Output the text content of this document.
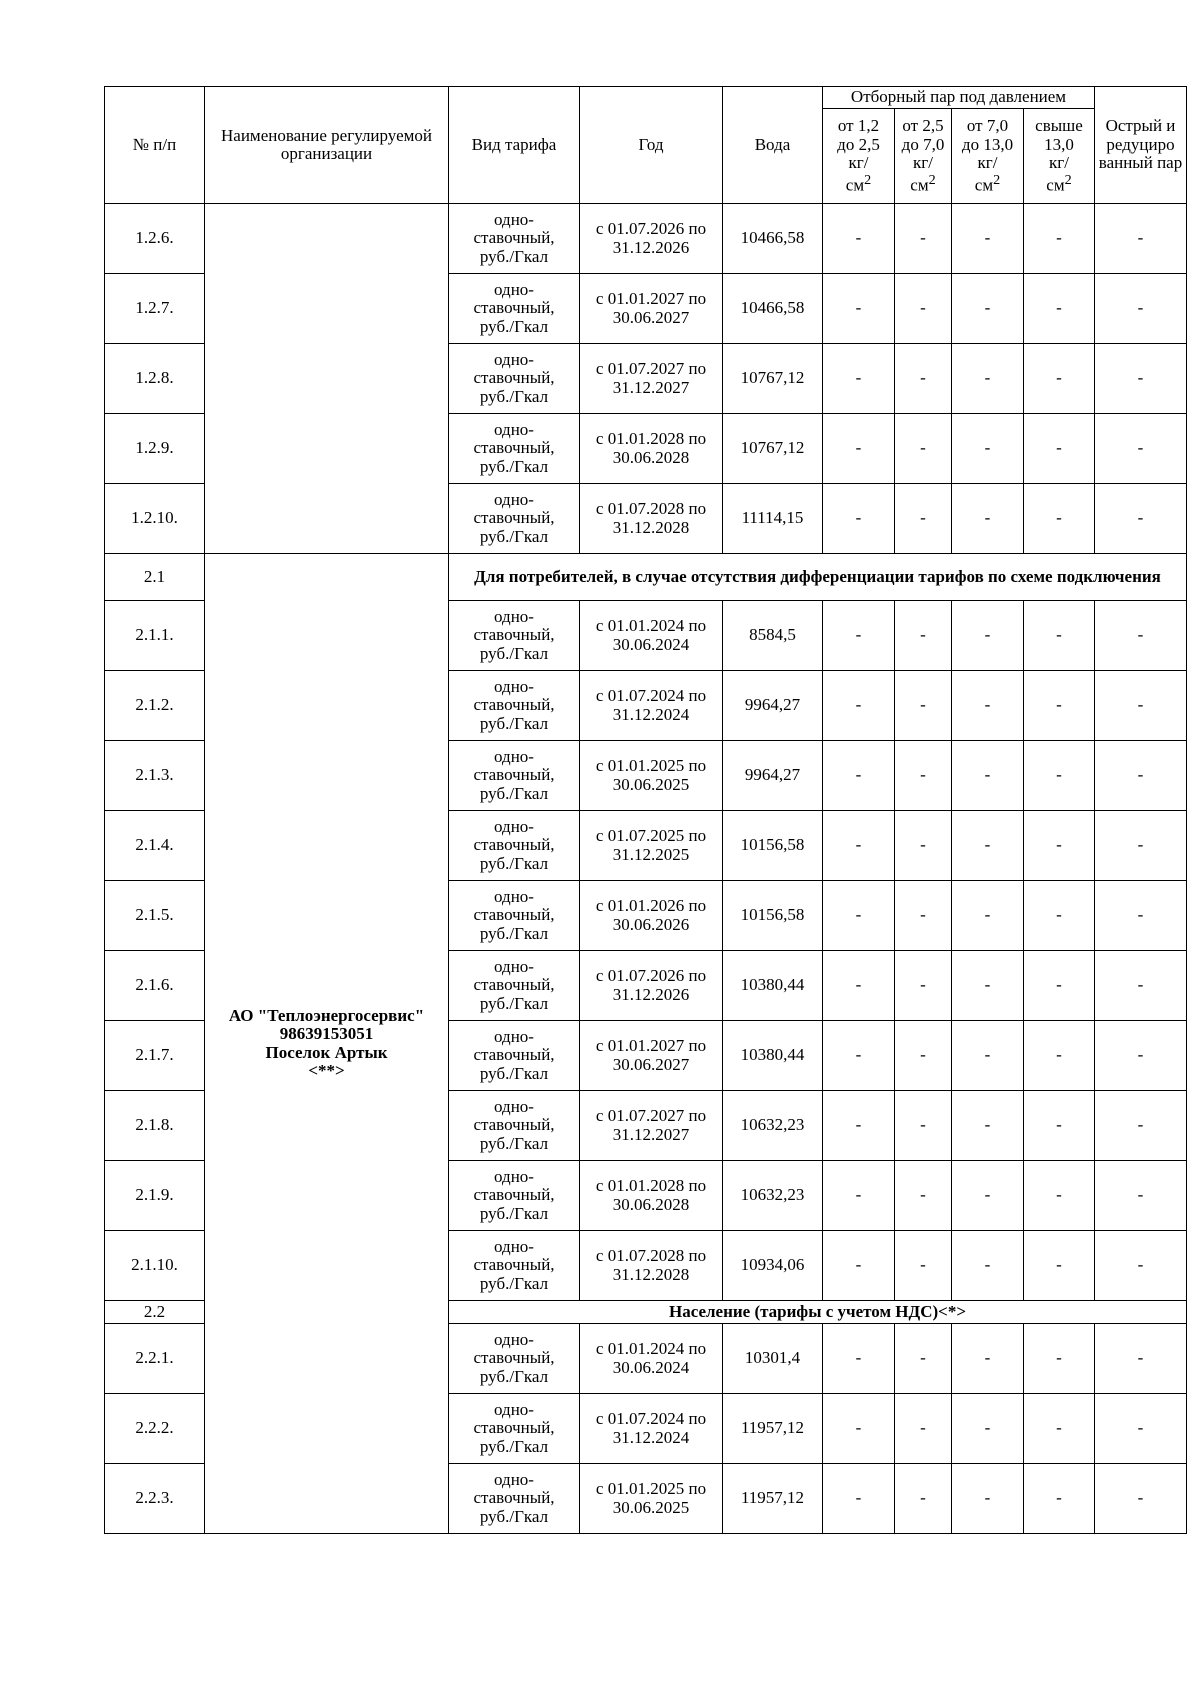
№ п/п	Наименование регулируемой организации	Вид тарифа	Год	Вода	Отборный пар под давлением				Острый и редуциро ванный пар
					от 1,2
до 2,5
кг/
$см^2$	от 2,5
до 7,0
кг/
$см^2$	от 7,0
до 13,0
кг/
$см^2$	свыше
13,0
кг/
$см^2$
1.2.6.		одно-
ставочный,
руб./Гкал	с 01.07.2026 по
31.12.2026	10466,58	-	-	-	-	-
1.2.7.		одно-
ставочный,
руб./Гкал	с 01.01.2027 по
30.06.2027	10466,58	-	-	-	-	-
1.2.8.		одно-
ставочный,
руб./Гкал	с 01.07.2027 по
31.12.2027	10767,12	-	-	-	-	-
1.2.9.		одно-
ставочный,
руб./Гкал	с 01.01.2028 по
30.06.2028	10767,12	-	-	-	-	-
1.2.10.		одно-
ставочный,
руб./Гкал	с 01.07.2028 по
31.12.2028	11114,15	-	-	-	-	-
2.1	АО "Теплоэнергосервис"
98639153051
Поселок Артык
<**>	Для потребителей, в случае отсутствия дифференциации тарифов по схеме подключения							
2.1.1.		одно-
ставочный,
руб./Гкал	с 01.01.2024 по
30.06.2024	8584,5	-	-	-	-	-
2.1.2.		одно-
ставочный,
руб./Гкал	с 01.07.2024 по
31.12.2024	9964,27	-	-	-	-	-
2.1.3.		одно-
ставочный,
руб./Гкал	с 01.01.2025 по
30.06.2025	9964,27	-	-	-	-	-
2.1.4.		одно-
ставочный,
руб./Гкал	с 01.07.2025 по
31.12.2025	10156,58	-	-	-	-	-
2.1.5.		одно-
ставочный,
руб./Гкал	с 01.01.2026 по
30.06.2026	10156,58	-	-	-	-	-
2.1.6.		одно-
ставочный,
руб./Гкал	с 01.07.2026 по
31.12.2026	10380,44	-	-	-	-	-
2.1.7.		одно-
ставочный,
руб./Гкал	с 01.01.2027 по
30.06.2027	10380,44	-	-	-	-	-
2.1.8.		одно-
ставочный,
руб./Гкал	с 01.07.2027 по
31.12.2027	10632,23	-	-	-	-	-
2.1.9.		одно-
ставочный,
руб./Гкал	с 01.01.2028 по
30.06.2028	10632,23	-	-	-	-	-
2.1.10.		одно-
ставочный,
руб./Гкал	с 01.07.2028 по
31.12.2028	10934,06	-	-	-	-	-
2.2		Население (тарифы с учетом НДС)<*>							
2.2.1.		одно-
ставочный,
руб./Гкал	с 01.01.2024 по
30.06.2024	10301,4	-	-	-	-	-
2.2.2.		одно-
ставочный,
руб./Гкал	с 01.07.2024 по
31.12.2024	11957,12	-	-	-	-	-
2.2.3.		одно-
ставочный,
руб./Гкал	с 01.01.2025 по
30.06.2025	11957,12	-	-	-	-	-
